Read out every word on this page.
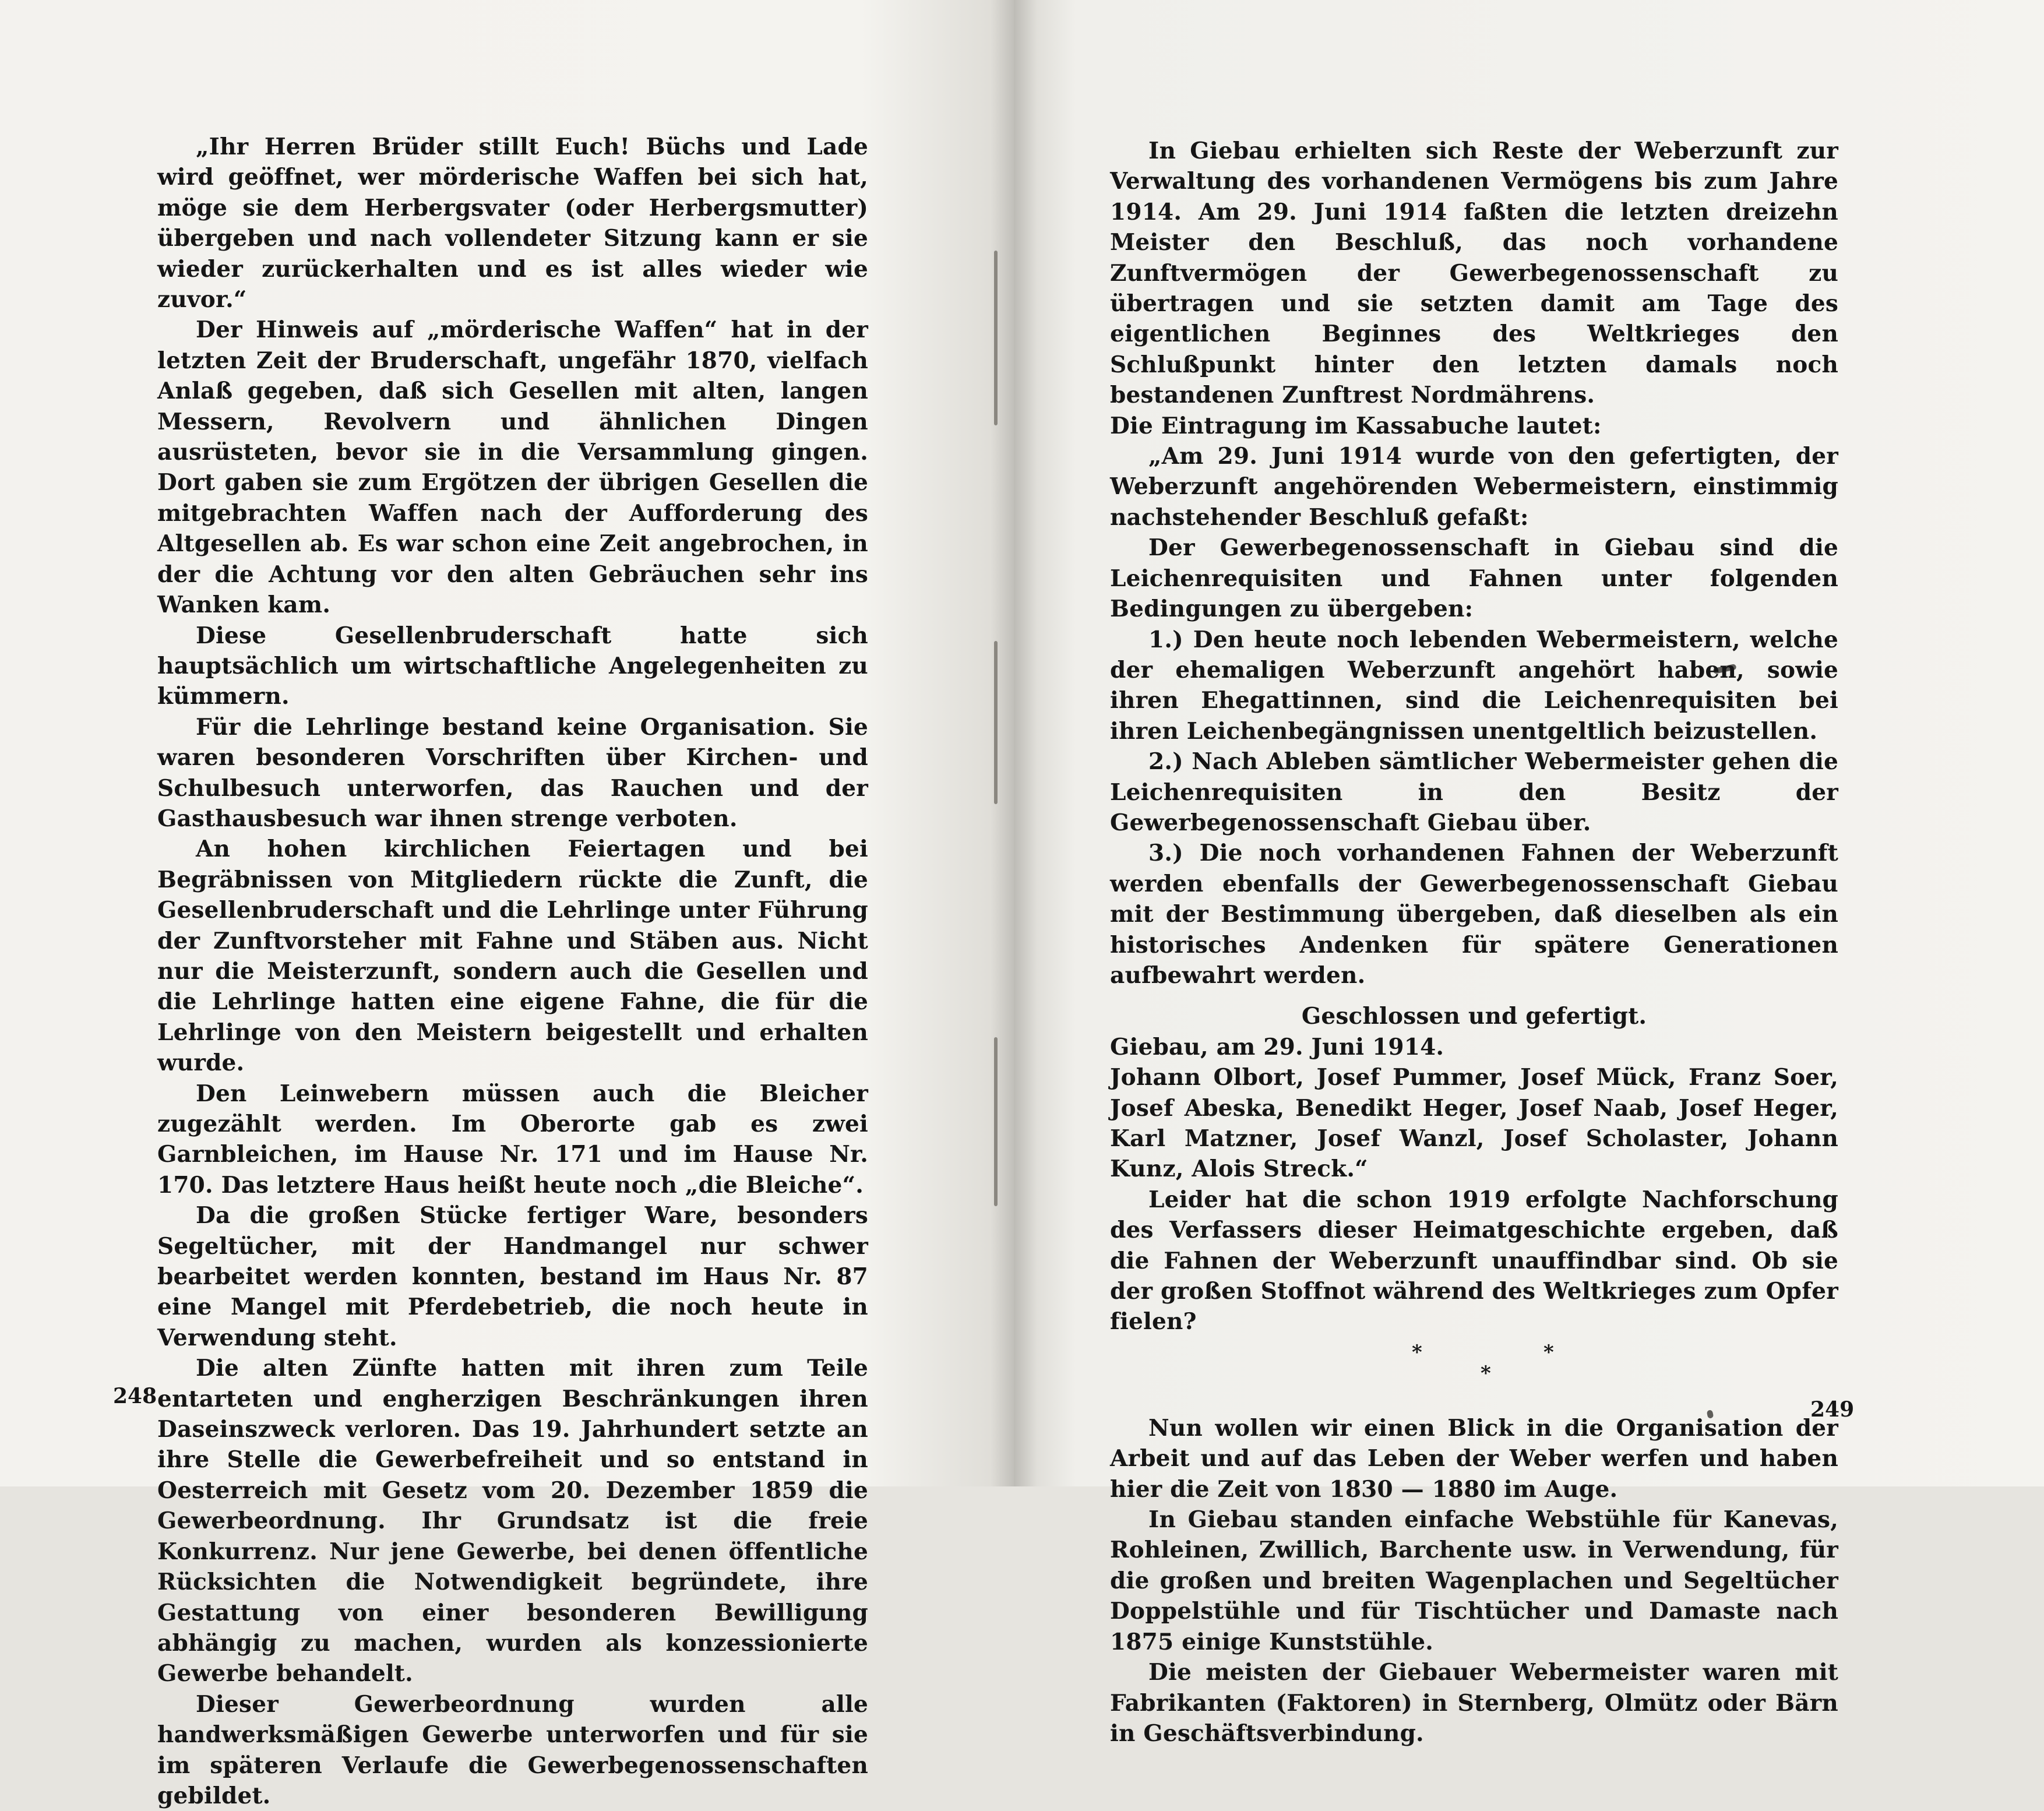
„Ihr Herren Brüder stillt Euch! Büchs und Lade wird geöffnet, wer mörderische Waffen bei sich hat, möge sie dem Herbergsvater (oder Herbergsmutter) übergeben und nach vollendeter Sitzung kann er sie wieder zurückerhalten und es ist alles wieder wie zuvor.“

Der Hinweis auf „mörderische Waffen“ hat in der letzten Zeit der Bruderschaft, ungefähr 1870, vielfach Anlaß gegeben, daß sich Gesellen mit alten, langen Messern, Revolvern und ähnlichen Dingen ausrüsteten, bevor sie in die Versammlung gingen. Dort gaben sie zum Ergötzen der übrigen Gesellen die mitgebrachten Waffen nach der Aufforderung des Altgesellen ab. Es war schon eine Zeit angebrochen, in der die Achtung vor den alten Gebräuchen sehr ins Wanken kam.

Diese Gesellenbruderschaft hatte sich hauptsächlich um wirtschaftliche Angelegenheiten zu kümmern.

Für die Lehrlinge bestand keine Organisation. Sie waren besonderen Vorschriften über Kirchen- und Schulbesuch unterworfen, das Rauchen und der Gasthausbesuch war ihnen strenge verboten.

An hohen kirchlichen Feiertagen und bei Begräbnissen von Mitgliedern rückte die Zunft, die Gesellenbruderschaft und die Lehrlinge unter Führung der Zunftvorsteher mit Fahne und Stäben aus. Nicht nur die Meisterzunft, sondern auch die Gesellen und die Lehrlinge hatten eine eigene Fahne, die für die Lehrlinge von den Meistern beigestellt und erhalten wurde.

Den Leinwebern müssen auch die Bleicher zugezählt werden. Im Oberorte gab es zwei Garnbleichen, im Hause Nr. 171 und im Hause Nr. 170. Das letztere Haus heißt heute noch „die Bleiche“.

Da die großen Stücke fertiger Ware, besonders Segeltücher, mit der Handmangel nur schwer bearbeitet werden konnten, bestand im Haus Nr. 87 eine Mangel mit Pferdebetrieb, die noch heute in Verwendung steht.

Die alten Zünfte hatten mit ihren zum Teile entarteten und engherzigen Beschränkungen ihren Daseinszweck verloren. Das 19. Jahrhundert setzte an ihre Stelle die Gewerbefreiheit und so entstand in Oesterreich mit Gesetz vom 20. Dezember 1859 die Gewerbeordnung. Ihr Grundsatz ist die freie Konkurrenz. Nur jene Gewerbe, bei denen öffentliche Rücksichten die Notwendigkeit begründete, ihre Gestattung von einer besonderen Bewilligung abhängig zu machen, wurden als konzessionierte Gewerbe behandelt.

Dieser Gewerbeordnung wurden alle handwerksmäßigen Gewerbe unterworfen und für sie im späteren Verlaufe die Gewerbegenossenschaften gebildet.

248

In Giebau erhielten sich Reste der Weberzunft zur Verwaltung des vorhandenen Vermögens bis zum Jahre 1914. Am 29. Juni 1914 faßten die letzten dreizehn Meister den Beschluß, das noch vorhandene Zunftvermögen der Gewerbegenossenschaft zu übertragen und sie setzten damit am Tage des eigentlichen Beginnes des Weltkrieges den Schlußpunkt hinter den letzten damals noch bestandenen Zunftrest Nordmährens.

Die Eintragung im Kassabuche lautet:

„Am 29. Juni 1914 wurde von den gefertigten, der Weberzunft angehörenden Webermeistern, einstimmig nachstehender Beschluß gefaßt:

Der Gewerbegenossenschaft in Giebau sind die Leichenrequisiten und Fahnen unter folgenden Bedingungen zu übergeben:

1.) Den heute noch lebenden Webermeistern, welche der ehemaligen Weberzunft angehört haben, sowie ihren Ehegattinnen, sind die Leichenrequisiten bei ihren Leichenbegängnissen unentgeltlich beizustellen.

2.) Nach Ableben sämtlicher Webermeister gehen die Leichenrequisiten in den Besitz der Gewerbegenossenschaft Giebau über.

3.) Die noch vorhandenen Fahnen der Weberzunft werden ebenfalls der Gewerbegenossenschaft Giebau mit der Bestimmung übergeben, daß dieselben als ein historisches Andenken für spätere Generationen aufbewahrt werden.

Geschlossen und gefertigt.

Giebau, am 29. Juni 1914.

Johann Olbort, Josef Pummer, Josef Mück, Franz Soer, Josef Abeska, Benedikt Heger, Josef Naab, Josef Heger, Karl Matzner, Josef Wanzl, Josef Scholaster, Johann Kunz, Alois Streck.“

Leider hat die schon 1919 erfolgte Nachforschung des Verfassers dieser Heimatgeschichte ergeben, daß die Fahnen der Weberzunft unauffindbar sind. Ob sie der großen Stoffnot während des Weltkrieges zum Opfer fielen?

*
*
*

Nun wollen wir einen Blick in die Organisation der Arbeit und auf das Leben der Weber werfen und haben hier die Zeit von 1830 — 1880 im Auge.

In Giebau standen einfache Webstühle für Kanevas, Rohleinen, Zwillich, Barchente usw. in Verwendung, für die großen und breiten Wagenplachen und Segeltücher Doppelstühle und für Tischtücher und Damaste nach 1875 einige Kunststühle.

Die meisten der Giebauer Webermeister waren mit Fabrikanten (Faktoren) in Sternberg, Olmütz oder Bärn in Geschäftsverbindung.

249
